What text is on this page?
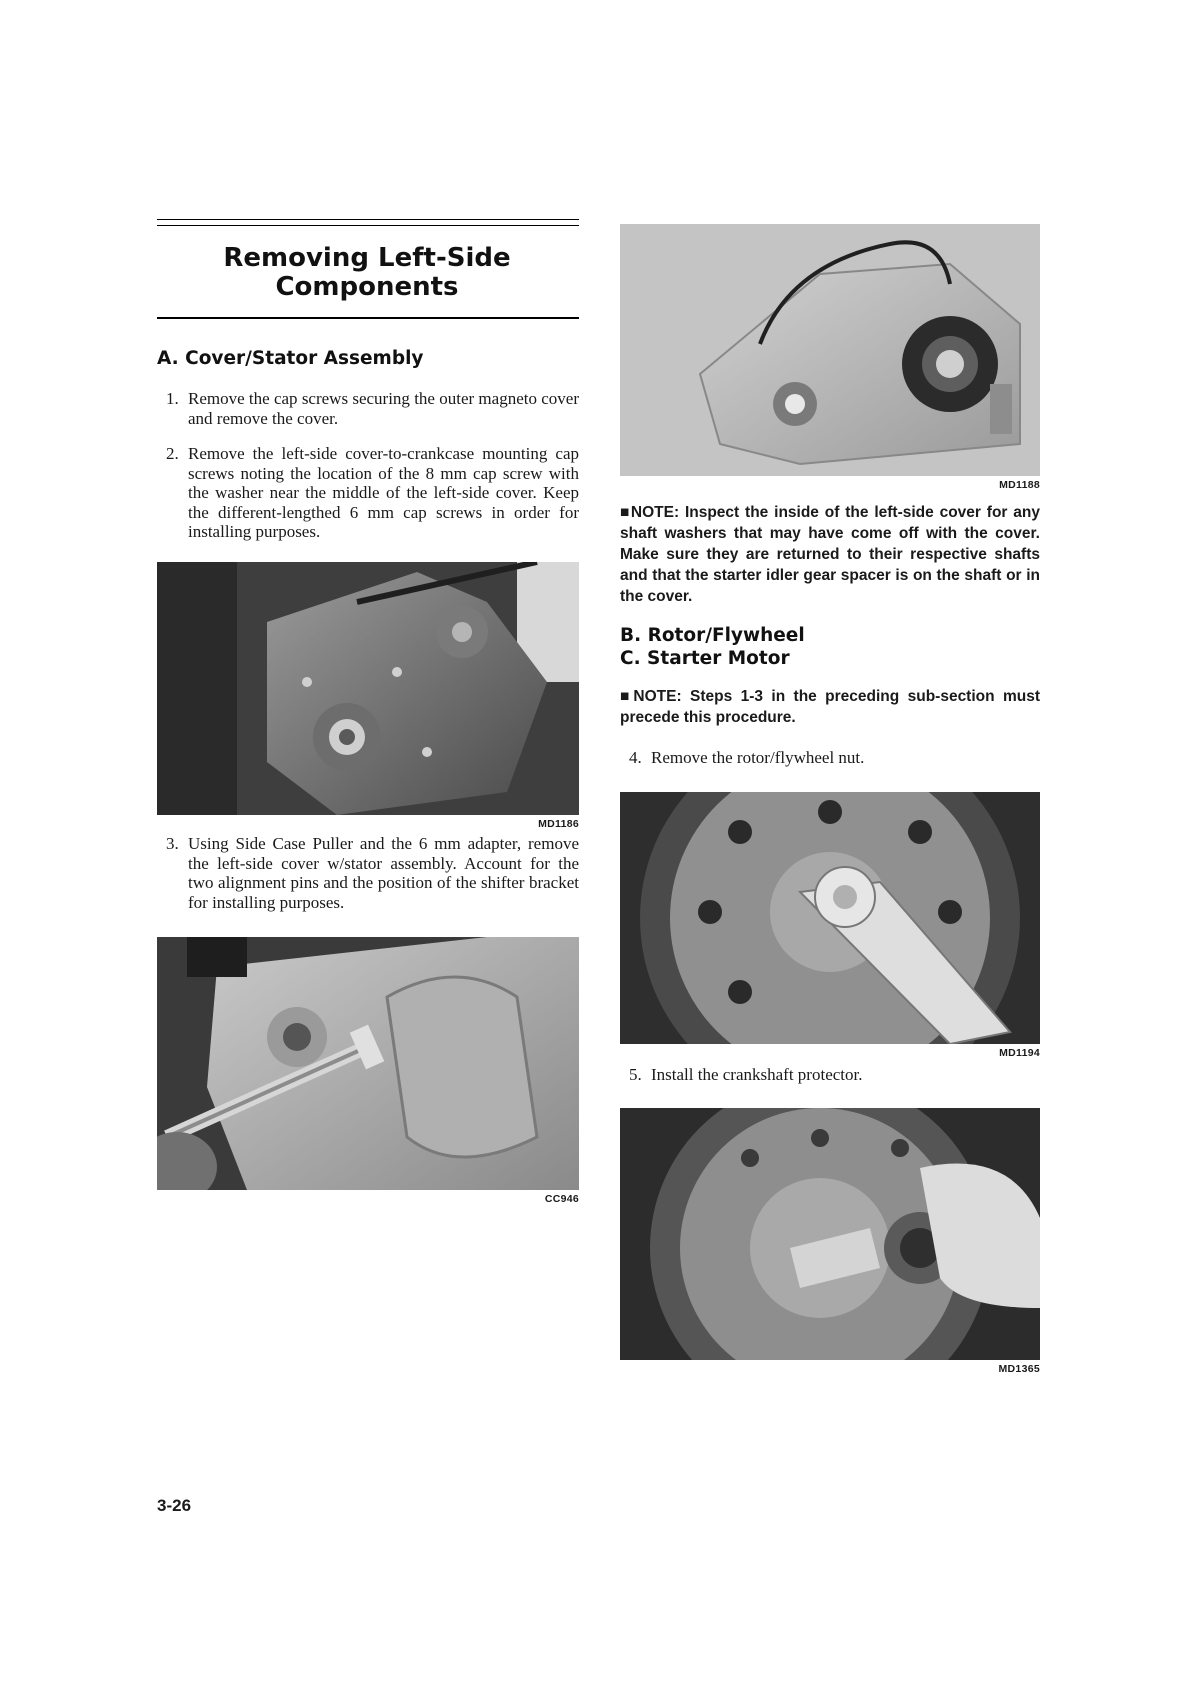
Removing Left-Side Components
A. Cover/Stator Assembly
1. Remove the cap screws securing the outer magneto cover and remove the cover.
2. Remove the left-side cover-to-crankcase mounting cap screws noting the location of the 8 mm cap screw with the washer near the middle of the left-side cover. Keep the different-lengthed 6 mm cap screws in order for installing purposes.
MD1186
3. Using Side Case Puller and the 6 mm adapter, remove the left-side cover w/stator assembly. Account for the two alignment pins and the position of the shifter bracket for installing purposes.
CC946
MD1188
■NOTE: Inspect the inside of the left-side cover for any shaft washers that may have come off with the cover. Make sure they are returned to their respective shafts and that the starter idler gear spacer is on the shaft or in the cover.
B. Rotor/Flywheel
C. Starter Motor
■NOTE: Steps 1-3 in the preceding sub-section must precede this procedure.
4. Remove the rotor/flywheel nut.
MD1194
5. Install the crankshaft protector.
MD1365
3-26
